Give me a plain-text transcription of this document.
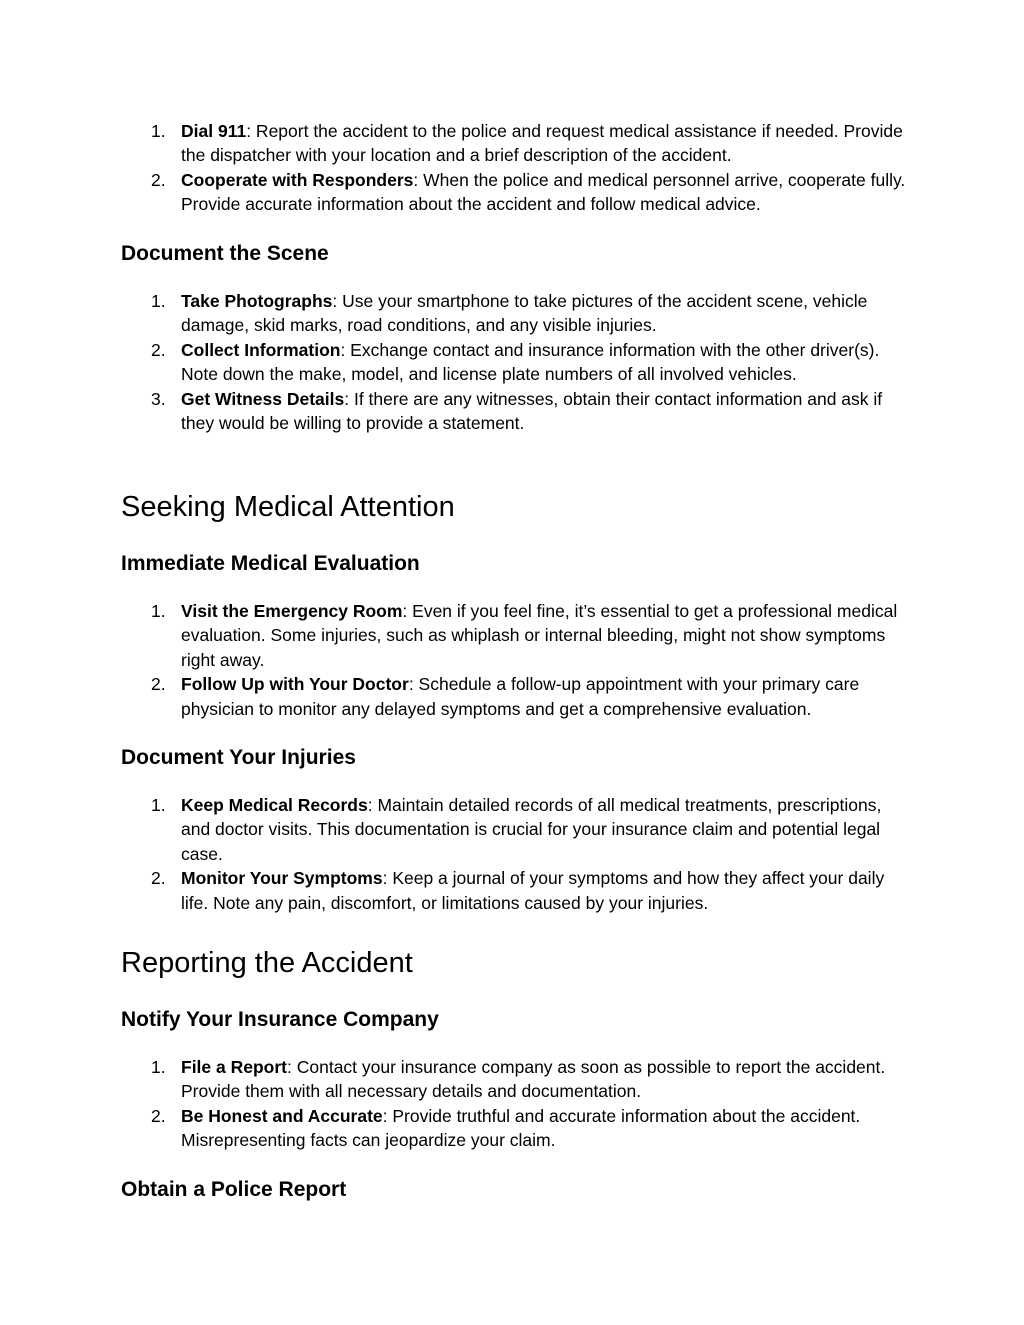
1. Dial 911: Report the accident to the police and request medical assistance if needed. Provide the dispatcher with your location and a brief description of the accident.
2. Cooperate with Responders: When the police and medical personnel arrive, cooperate fully. Provide accurate information about the accident and follow medical advice.
Document the Scene
1. Take Photographs: Use your smartphone to take pictures of the accident scene, vehicle damage, skid marks, road conditions, and any visible injuries.
2. Collect Information: Exchange contact and insurance information with the other driver(s). Note down the make, model, and license plate numbers of all involved vehicles.
3. Get Witness Details: If there are any witnesses, obtain their contact information and ask if they would be willing to provide a statement.
Seeking Medical Attention
Immediate Medical Evaluation
1. Visit the Emergency Room: Even if you feel fine, it’s essential to get a professional medical evaluation. Some injuries, such as whiplash or internal bleeding, might not show symptoms right away.
2. Follow Up with Your Doctor: Schedule a follow-up appointment with your primary care physician to monitor any delayed symptoms and get a comprehensive evaluation.
Document Your Injuries
1. Keep Medical Records: Maintain detailed records of all medical treatments, prescriptions, and doctor visits. This documentation is crucial for your insurance claim and potential legal case.
2. Monitor Your Symptoms: Keep a journal of your symptoms and how they affect your daily life. Note any pain, discomfort, or limitations caused by your injuries.
Reporting the Accident
Notify Your Insurance Company
1. File a Report: Contact your insurance company as soon as possible to report the accident. Provide them with all necessary details and documentation.
2. Be Honest and Accurate: Provide truthful and accurate information about the accident. Misrepresenting facts can jeopardize your claim.
Obtain a Police Report
